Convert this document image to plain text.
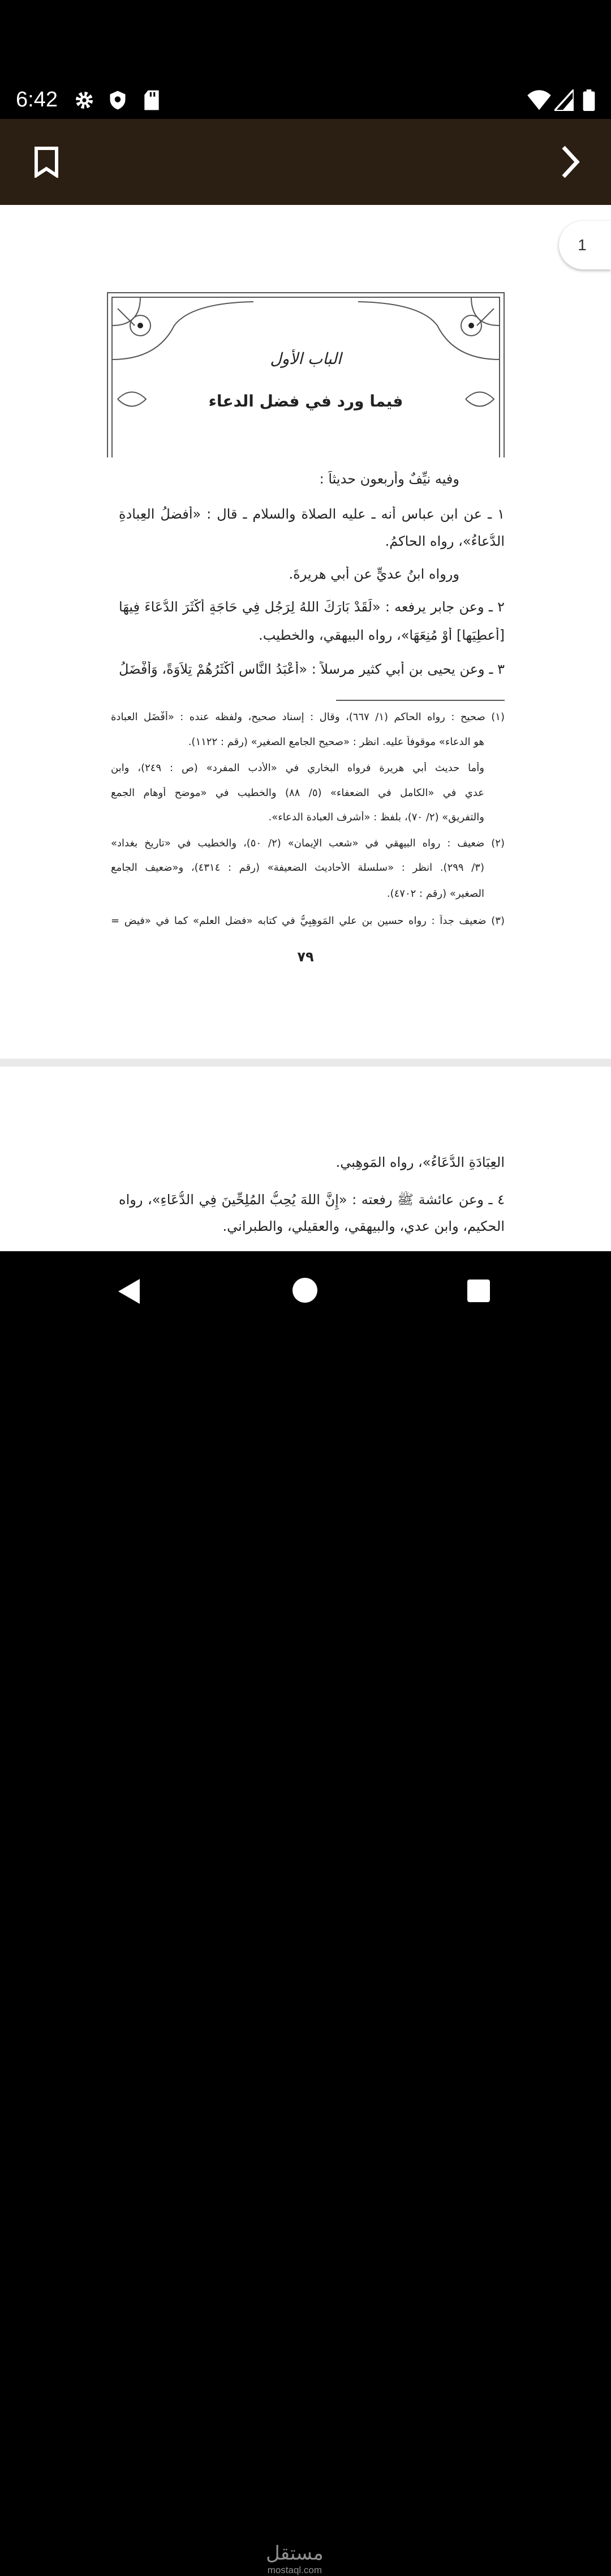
6:42
الباب الأول
فيما ورد في فضل الدعاء
وفيه نيِّفٌ وأربعون حديثاً :
١ ـ عن ابن عباسٍ أنه ـ عليه الصلاة والسلام ـ قال : «أفضلُ العِبادةِ
الدُّعاءُ»، رواه الحاكمُ.
ورواه ابنُ عديٍّ عن أبي هريرةَ.
٢ ـ وعن جابر يرفعه : «لَقَدْ بَارَكَ اللهُ لِرَجُلٍ فِي حَاجَةٍ أَكْثَرَ الدُّعَاءَ فِيهَا
[أُعطِيَها] أَوْ مُنِعَهَا»، رواه البيهقي، والخطيب.
٣ ـ وعن يحيى بن أبي كثير مرسلاً : «أَعْبَدُ النَّاسِ أَكْثَرُهُمْ تِلاَوَةً، وَأَفْضَلُ
(١) صحيح : رواه الحاكم (١/ ٦٦٧)، وقال : إسناد صحيح، ولفظه عنده : «أَفْضَل العبادة
هو الدعاء» موقوفاً عليه. انظر : «صحيح الجامع الصغير» (رقم : ١١٢٢).
وأما حديث أبي هريرة فرواه البخاري في «الأدب المفرد» (ص : ٢٤٩)، وابن
عدي في «الكامل في الضعفاء» (٥/ ٨٨) والخطيب في «موضح أوهام الجمع
والتفريق» (٢/ ٧٠)، بلفظ : «أشرف العبادة الدعاء».
(٢) ضعيف : رواه البيهقي في «شعب الإيمان» (٢/ ٥٠)، والخطيب في «تاريخ بغداد»
(٣/ ٢٩٩). انظر : «سلسلة الأحاديث الضعيفة» (رقم : ٤٣١٤)، و«ضعيف الجامع
الصغير» (رقم : ٤٧٠٢).
(٣) ضعيف جداً : رواه حسين بن علي المَوهِبِيُّ في كتابه «فضل العلم» كما في «فيض =
٧٩
العِبَادَةِ الدُّعَاءُ»، رواه المَوهِبي.
٤ ـ وعن عائشة ﷺ رفعته : «إِنَّ اللهَ يُحِبُّ المُلِحِّينَ فِي الدُّعَاءِ»، رواه
الحكيم، وابن عدي، والبيهقي، والعقيلي، والطبراني.
1
مستقل
mostaql.com
